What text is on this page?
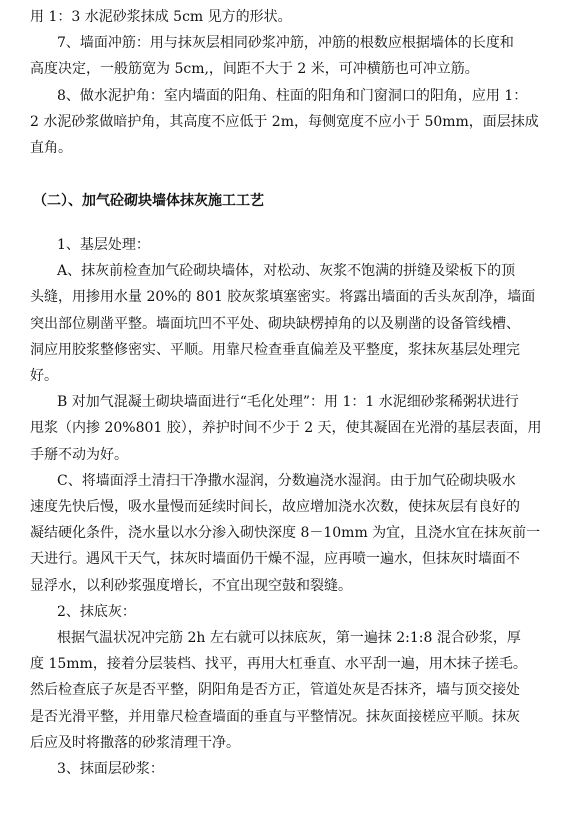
用 1：3 水泥砂浆抹成 5cm 见方的形状。

7、墙面冲筋：用与抹灰层相同砂浆冲筋，冲筋的根数应根据墙体的长度和

高度决定，一般筋宽为 5cm,，间距不大于 2 米，可冲横筋也可冲立筋。

8、做水泥护角：室内墙面的阳角、柱面的阳角和门窗洞口的阳角，应用 1：

2 水泥砂浆做暗护角，其高度不应低于 2m，每侧宽度不应小于 50mm，面层抹成

直角。

1、基层处理：

A、抹灰前检查加气砼砌块墙体，对松动、灰浆不饱满的拼缝及梁板下的顶

头缝，用掺用水量 20%的 801 胶灰浆填塞密实。将露出墙面的舌头灰刮净，墙面

突出部位剔凿平整。墙面坑凹不平处、砌块缺楞掉角的以及剔凿的设备管线槽、

洞应用胶浆整修密实、平顺。用靠尺检查垂直偏差及平整度，浆抹灰基层处理完

好。

B 对加气混凝土砌块墙面进行“毛化处理”：用 1：1 水泥细砂浆稀粥状进行

甩浆（内掺 20%801 胶），养护时间不少于 2 天，使其凝固在光滑的基层表面，用

手掰不动为好。

C、将墙面浮土清扫干净撒水湿润，分数遍浇水湿润。由于加气砼砌块吸水

速度先快后慢，吸水量慢而延续时间长，故应增加浇水次数，使抹灰层有良好的

凝结硬化条件，浇水量以水分渗入砌快深度 8－10mm 为宜，且浇水宜在抹灰前一

天进行。遇风干天气，抹灰时墙面仍干燥不湿，应再喷一遍水，但抹灰时墙面不

显浮水，以利砂浆强度增长，不宜出现空鼓和裂缝。

2、抹底灰：

根据气温状况冲完筋 2h 左右就可以抹底灰，第一遍抹 2:1:8 混合砂浆，厚

度 15mm，接着分层装档、找平，再用大杠垂直、水平刮一遍，用木抹子搓毛。

然后检查底子灰是否平整，阴阳角是否方正，管道处灰是否抹齐，墙与顶交接处

是否光滑平整，并用靠尺检查墙面的垂直与平整情况。抹灰面接槎应平顺。抹灰

后应及时将撒落的砂浆清理干净。

3、抹面层砂浆：

（二）、加气砼砌块墙体抹灰施工工艺
